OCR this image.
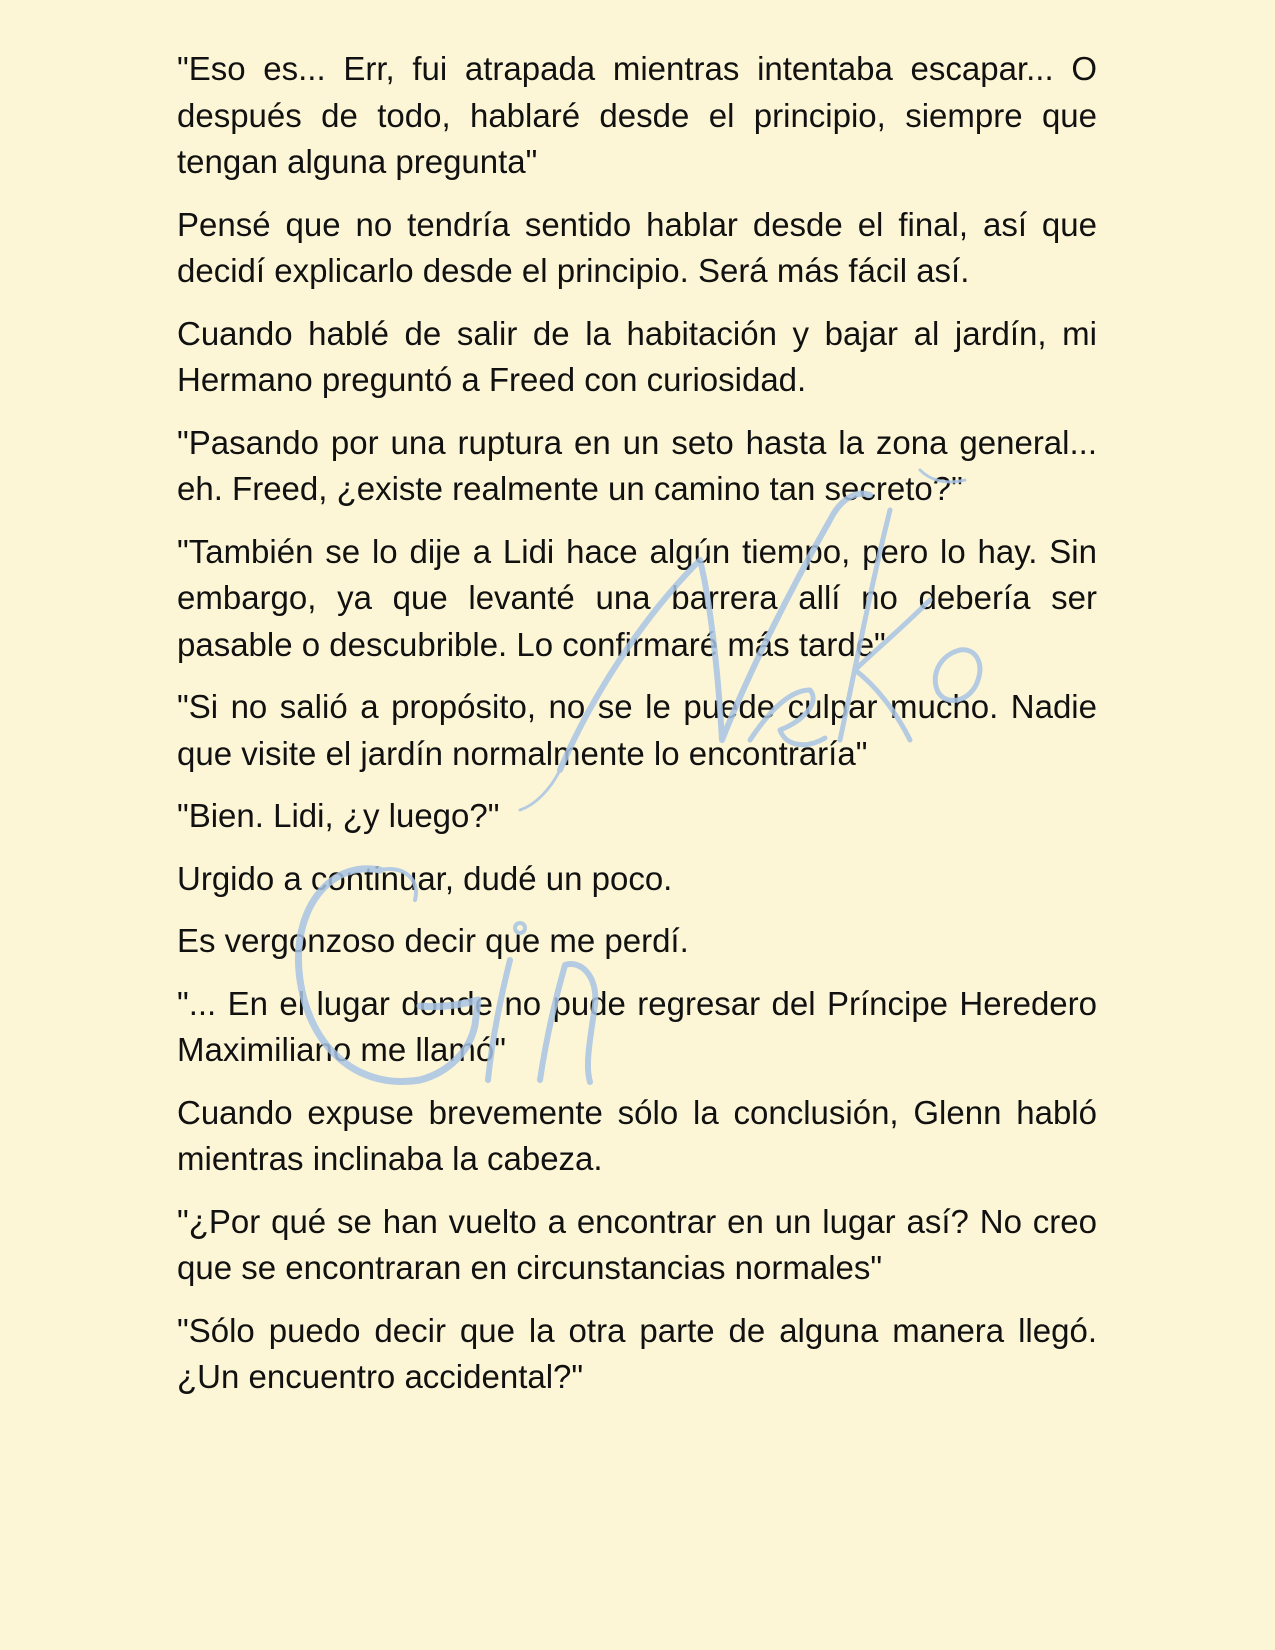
"Eso es... Err, fui atrapada mientras intentaba escapar... O después de todo, hablaré desde el principio, siempre que tengan alguna pregunta"

Pensé que no tendría sentido hablar desde el final, así que decidí explicarlo desde el principio. Será más fácil así.

Cuando hablé de salir de la habitación y bajar al jardín, mi Hermano preguntó a Freed con curiosidad.

"Pasando por una ruptura en un seto hasta la zona general... eh. Freed, ¿existe realmente un camino tan secreto?"

"También se lo dije a Lidi hace algún tiempo, pero lo hay. Sin embargo, ya que levanté una barrera allí no debería ser pasable o descubrible. Lo confirmaré más tarde"

"Si no salió a propósito, no se le puede culpar mucho. Nadie que visite el jardín normalmente lo encontraría"

"Bien. Lidi, ¿y luego?"

Urgido a continuar, dudé un poco.

Es vergonzoso decir que me perdí.

"... En el lugar donde no pude regresar del Príncipe Heredero Maximiliano me llamó"

Cuando expuse brevemente sólo la conclusión, Glenn habló mientras inclinaba la cabeza.

"¿Por qué se han vuelto a encontrar en un lugar así? No creo que se encontraran en circunstancias normales"

"Sólo puedo decir que la otra parte de alguna manera llegó. ¿Un encuentro accidental?"
